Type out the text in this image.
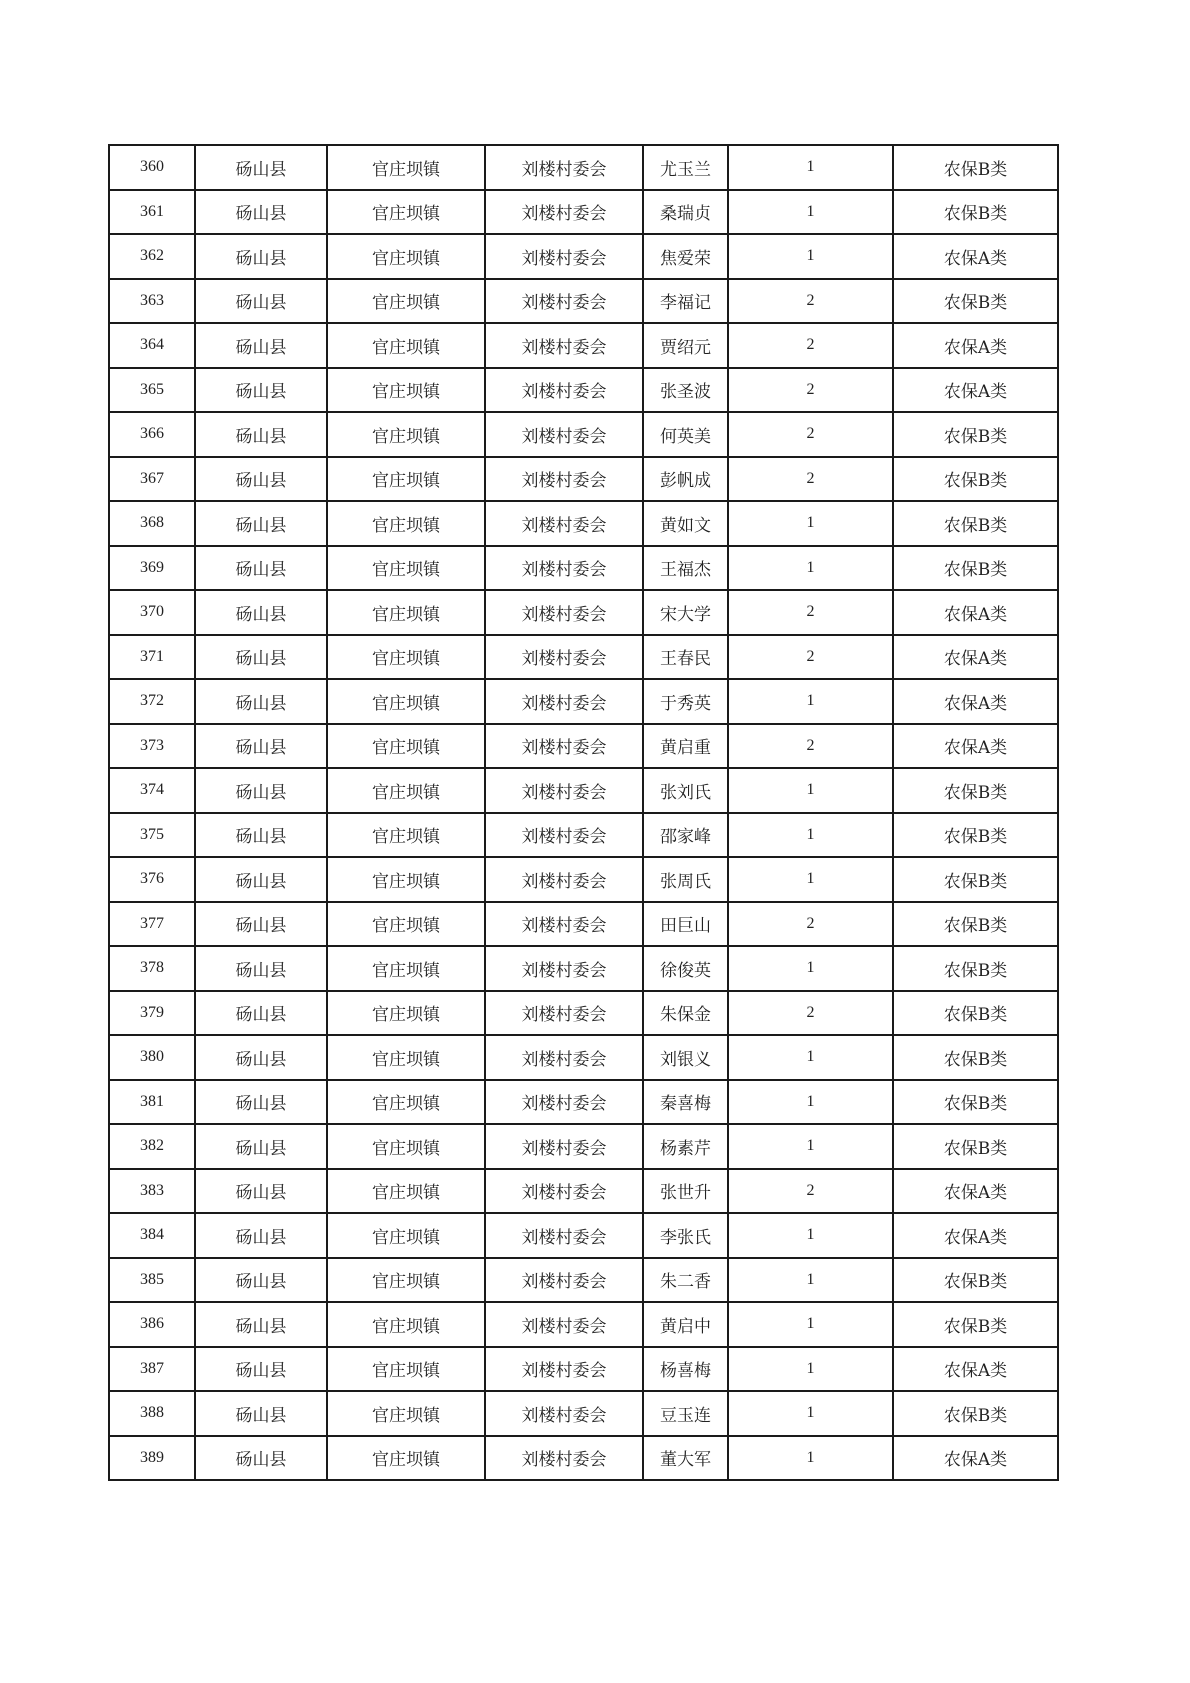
360	砀山县	官庄坝镇	刘楼村委会	尤玉兰	1	农保B类
361	砀山县	官庄坝镇	刘楼村委会	桑瑞贞	1	农保B类
362	砀山县	官庄坝镇	刘楼村委会	焦爱荣	1	农保A类
363	砀山县	官庄坝镇	刘楼村委会	李福记	2	农保B类
364	砀山县	官庄坝镇	刘楼村委会	贾绍元	2	农保A类
365	砀山县	官庄坝镇	刘楼村委会	张圣波	2	农保A类
366	砀山县	官庄坝镇	刘楼村委会	何英美	2	农保B类
367	砀山县	官庄坝镇	刘楼村委会	彭帆成	2	农保B类
368	砀山县	官庄坝镇	刘楼村委会	黄如文	1	农保B类
369	砀山县	官庄坝镇	刘楼村委会	王福杰	1	农保B类
370	砀山县	官庄坝镇	刘楼村委会	宋大学	2	农保A类
371	砀山县	官庄坝镇	刘楼村委会	王春民	2	农保A类
372	砀山县	官庄坝镇	刘楼村委会	于秀英	1	农保A类
373	砀山县	官庄坝镇	刘楼村委会	黄启重	2	农保A类
374	砀山县	官庄坝镇	刘楼村委会	张刘氏	1	农保B类
375	砀山县	官庄坝镇	刘楼村委会	邵家峰	1	农保B类
376	砀山县	官庄坝镇	刘楼村委会	张周氏	1	农保B类
377	砀山县	官庄坝镇	刘楼村委会	田巨山	2	农保B类
378	砀山县	官庄坝镇	刘楼村委会	徐俊英	1	农保B类
379	砀山县	官庄坝镇	刘楼村委会	朱保金	2	农保B类
380	砀山县	官庄坝镇	刘楼村委会	刘银义	1	农保B类
381	砀山县	官庄坝镇	刘楼村委会	秦喜梅	1	农保B类
382	砀山县	官庄坝镇	刘楼村委会	杨素芹	1	农保B类
383	砀山县	官庄坝镇	刘楼村委会	张世升	2	农保A类
384	砀山县	官庄坝镇	刘楼村委会	李张氏	1	农保A类
385	砀山县	官庄坝镇	刘楼村委会	朱二香	1	农保B类
386	砀山县	官庄坝镇	刘楼村委会	黄启中	1	农保B类
387	砀山县	官庄坝镇	刘楼村委会	杨喜梅	1	农保A类
388	砀山县	官庄坝镇	刘楼村委会	豆玉连	1	农保B类
389	砀山县	官庄坝镇	刘楼村委会	董大军	1	农保A类
